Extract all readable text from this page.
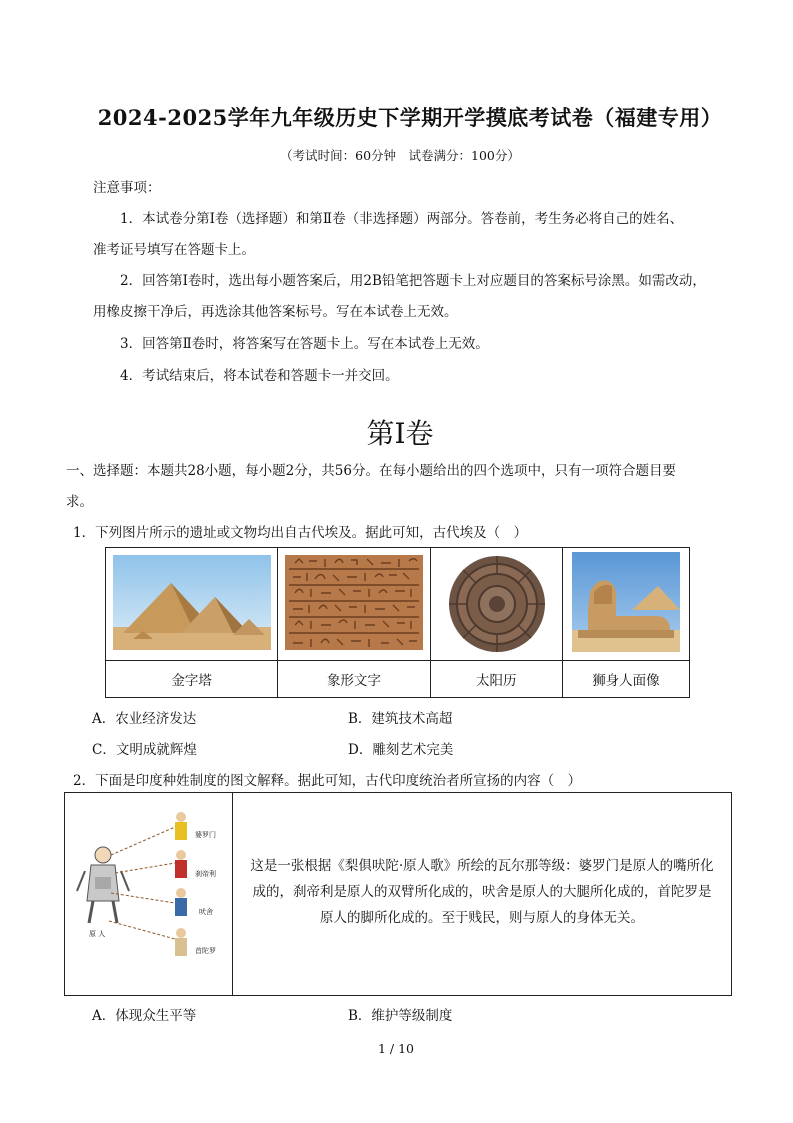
2024-2025学年九年级历史下学期开学摸底考试卷（福建专用）
（考试时间：60分钟　试卷满分：100分）
注意事项：
1．本试卷分第Ⅰ卷（选择题）和第Ⅱ卷（非选择题）两部分。答卷前，考生务必将自己的姓名、
准考证号填写在答题卡上。
2．回答第Ⅰ卷时，选出每小题答案后，用2B铅笔把答题卡上对应题目的答案标号涂黑。如需改动，
用橡皮擦干净后，再选涂其他答案标号。写在本试卷上无效。
3．回答第Ⅱ卷时，将答案写在答题卡上。写在本试卷上无效。
4．考试结束后，将本试卷和答题卡一并交回。
第Ⅰ卷
一、选择题：本题共28小题，每小题2分，共56分。在每小题给出的四个选项中，只有一项符合题目要
求。
1．下列图片所示的遗址或文物均出自古代埃及。据此可知，古代埃及（　）

金字塔	象形文字	太阳历	狮身人面像
A．农业经济发达	B．建筑技术高超
C．文明成就辉煌	D．雕刻艺术完美
2．下面是印度种姓制度的图文解释。据此可知，古代印度统治者所宣扬的内容（　）
婆罗门
刹帝利
吠舍
首陀罗
原 人
这是一张根据《梨俱吠陀·原人歌》所绘的瓦尔那等级：婆罗门是原人的嘴所化
成的，刹帝利是原人的双臂所化成的，吠舍是原人的大腿所化成的，首陀罗是
原人的脚所化成的。至于贱民，则与原人的身体无关。
A．体现众生平等	B．维护等级制度
1 / 10
